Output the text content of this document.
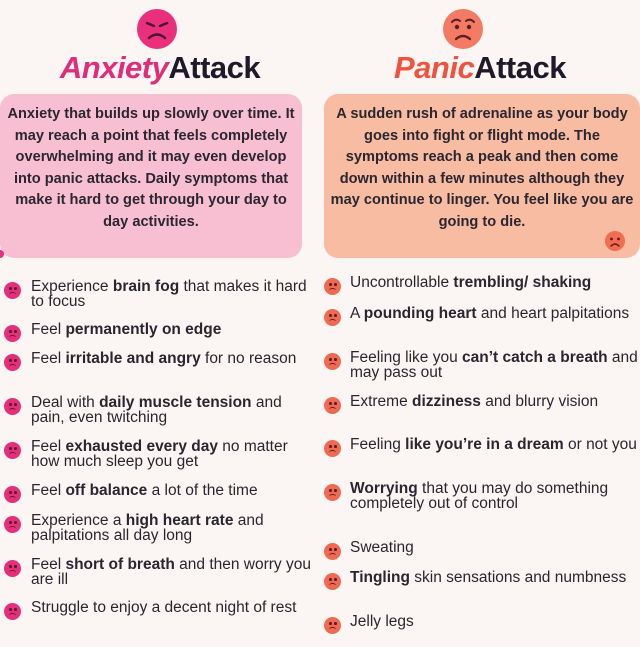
AnxietyAttack
Anxiety that builds up slowly over time. It may reach a point that feels completely overwhelming and it may even develop into panic attacks. Daily symptoms that make it hard to get through your day to day activities.
Experience brain fog that makes it hard to focus
Feel permanently on edge
Feel irritable and angry for no reason
Deal with daily muscle tension and pain, even twitching
Feel exhausted every day no matter how much sleep you get
Feel off balance a lot of the time
Experience a high heart rate and palpitations all day long
Feel short of breath and then worry you are ill
Struggle to enjoy a decent night of rest
PanicAttack
A sudden rush of adrenaline as your body goes into fight or flight mode. The symptoms reach a peak and then come down within a few minutes although they may continue to linger. You feel like you are going to die.
Uncontrollable trembling/ shaking
A pounding heart and heart palpitations
Feeling like you can’t catch a breath and may pass out
Extreme dizziness and blurry vision
Feeling like you’re in a dream or not you
Worrying that you may do something completely out of control
Sweating
Tingling skin sensations and numbness
Jelly legs
